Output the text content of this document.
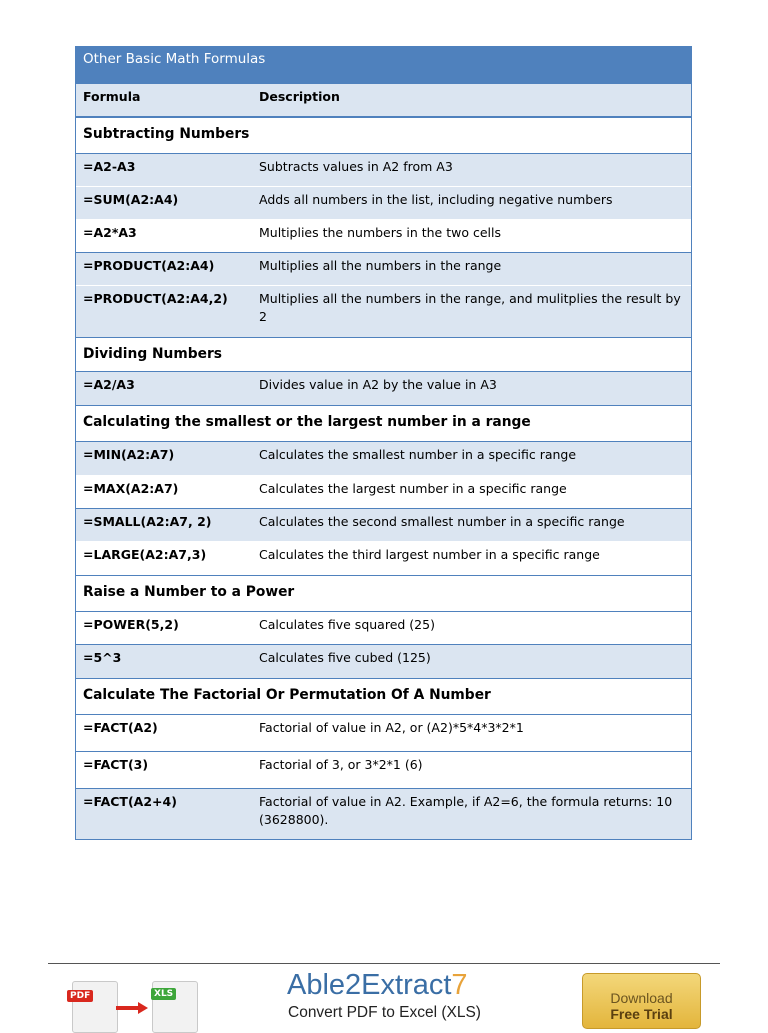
Other Basic Math Formulas
Formula	Description
Subtracting Numbers
=A2-A3	Subtracts values in A2 from A3
=SUM(A2:A4)	Adds all numbers in the list, including negative numbers
=A2*A3	Multiplies the numbers in the two cells
=PRODUCT(A2:A4)	Multiplies all the numbers in the range
=PRODUCT(A2:A4,2)	Multiplies all the numbers in the range, and mulitplies the result by 2
Dividing Numbers
=A2/A3	Divides value in A2 by the value in A3
Calculating the smallest or the largest number in a range
=MIN(A2:A7)	Calculates the smallest number in a specific range
=MAX(A2:A7)	Calculates the largest number in a specific range
=SMALL(A2:A7, 2)	Calculates the second smallest number in a specific range
=LARGE(A2:A7,3)	Calculates the third largest number in a specific range
Raise a Number to a Power
=POWER(5,2)	Calculates five squared (25)
=5^3	Calculates five cubed (125)
Calculate The Factorial Or Permutation Of A Number
=FACT(A2)	Factorial of value in A2, or (A2)*5*4*3*2*1
=FACT(3)	Factorial of 3, or 3*2*1 (6)
=FACT(A2+4)	Factorial of value in A2. Example, if A2=6, the formula returns: 10 (3628800).
PDF	XLS	Able2Extract7
Convert PDF to Excel (XLS)
Download
Free Trial
